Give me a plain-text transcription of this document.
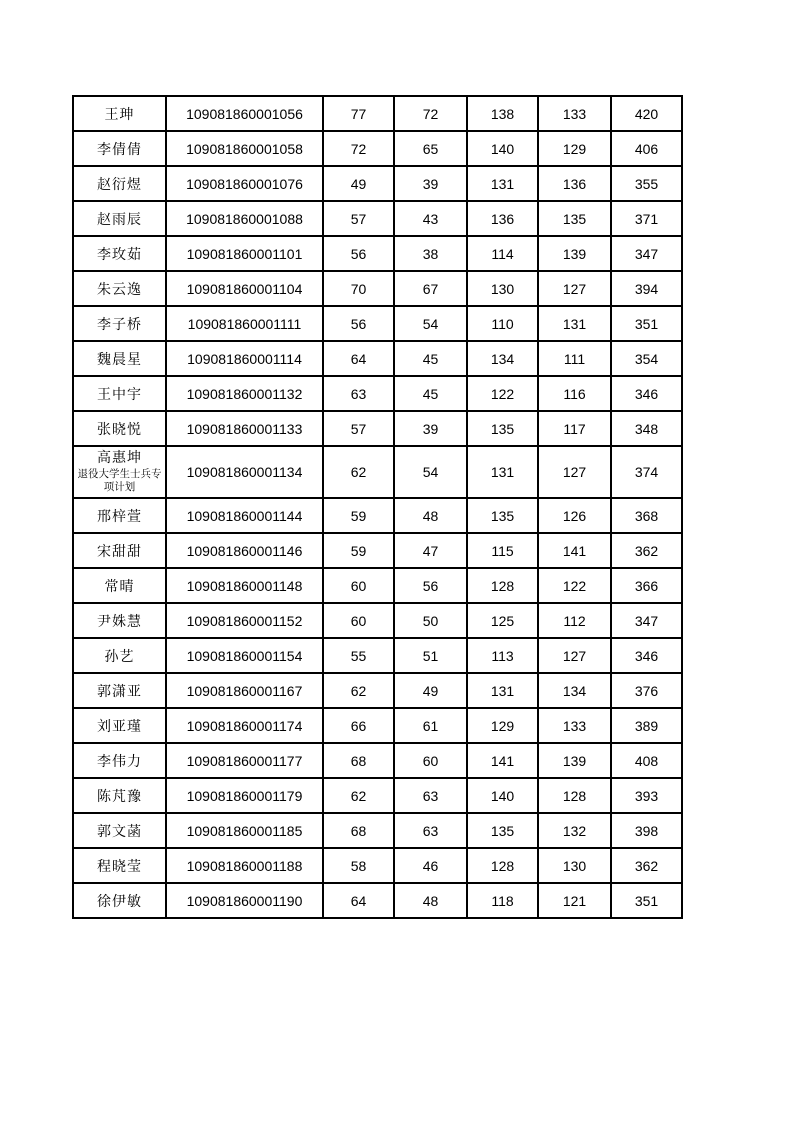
王珅	109081860001056	77	72	138	133	420
李倩倩	109081860001058	72	65	140	129	406
赵衍煜	109081860001076	49	39	131	136	355
赵雨辰	109081860001088	57	43	136	135	371
李玫茹	109081860001101	56	38	114	139	347
朱云逸	109081860001104	70	67	130	127	394
李子桥	109081860001111	56	54	110	131	351
魏晨星	109081860001114	64	45	134	111	354
王中宇	109081860001132	63	45	122	116	346
张晓悦	109081860001133	57	39	135	117	348

高惠坤
退役大学生士兵专项计划	109081860001134	62	54	131	127	374
邢梓萱	109081860001144	59	48	135	126	368
宋甜甜	109081860001146	59	47	115	141	362
常晴	109081860001148	60	56	128	122	366
尹姝慧	109081860001152	60	50	125	112	347
孙艺	109081860001154	55	51	113	127	346
郭潇亚	109081860001167	62	49	131	134	376
刘亚瑾	109081860001174	66	61	129	133	389
李伟力	109081860001177	68	60	141	139	408
陈芃豫	109081860001179	62	63	140	128	393
郭文菡	109081860001185	68	63	135	132	398
程晓莹	109081860001188	58	46	128	130	362
徐伊敏	109081860001190	64	48	118	121	351
